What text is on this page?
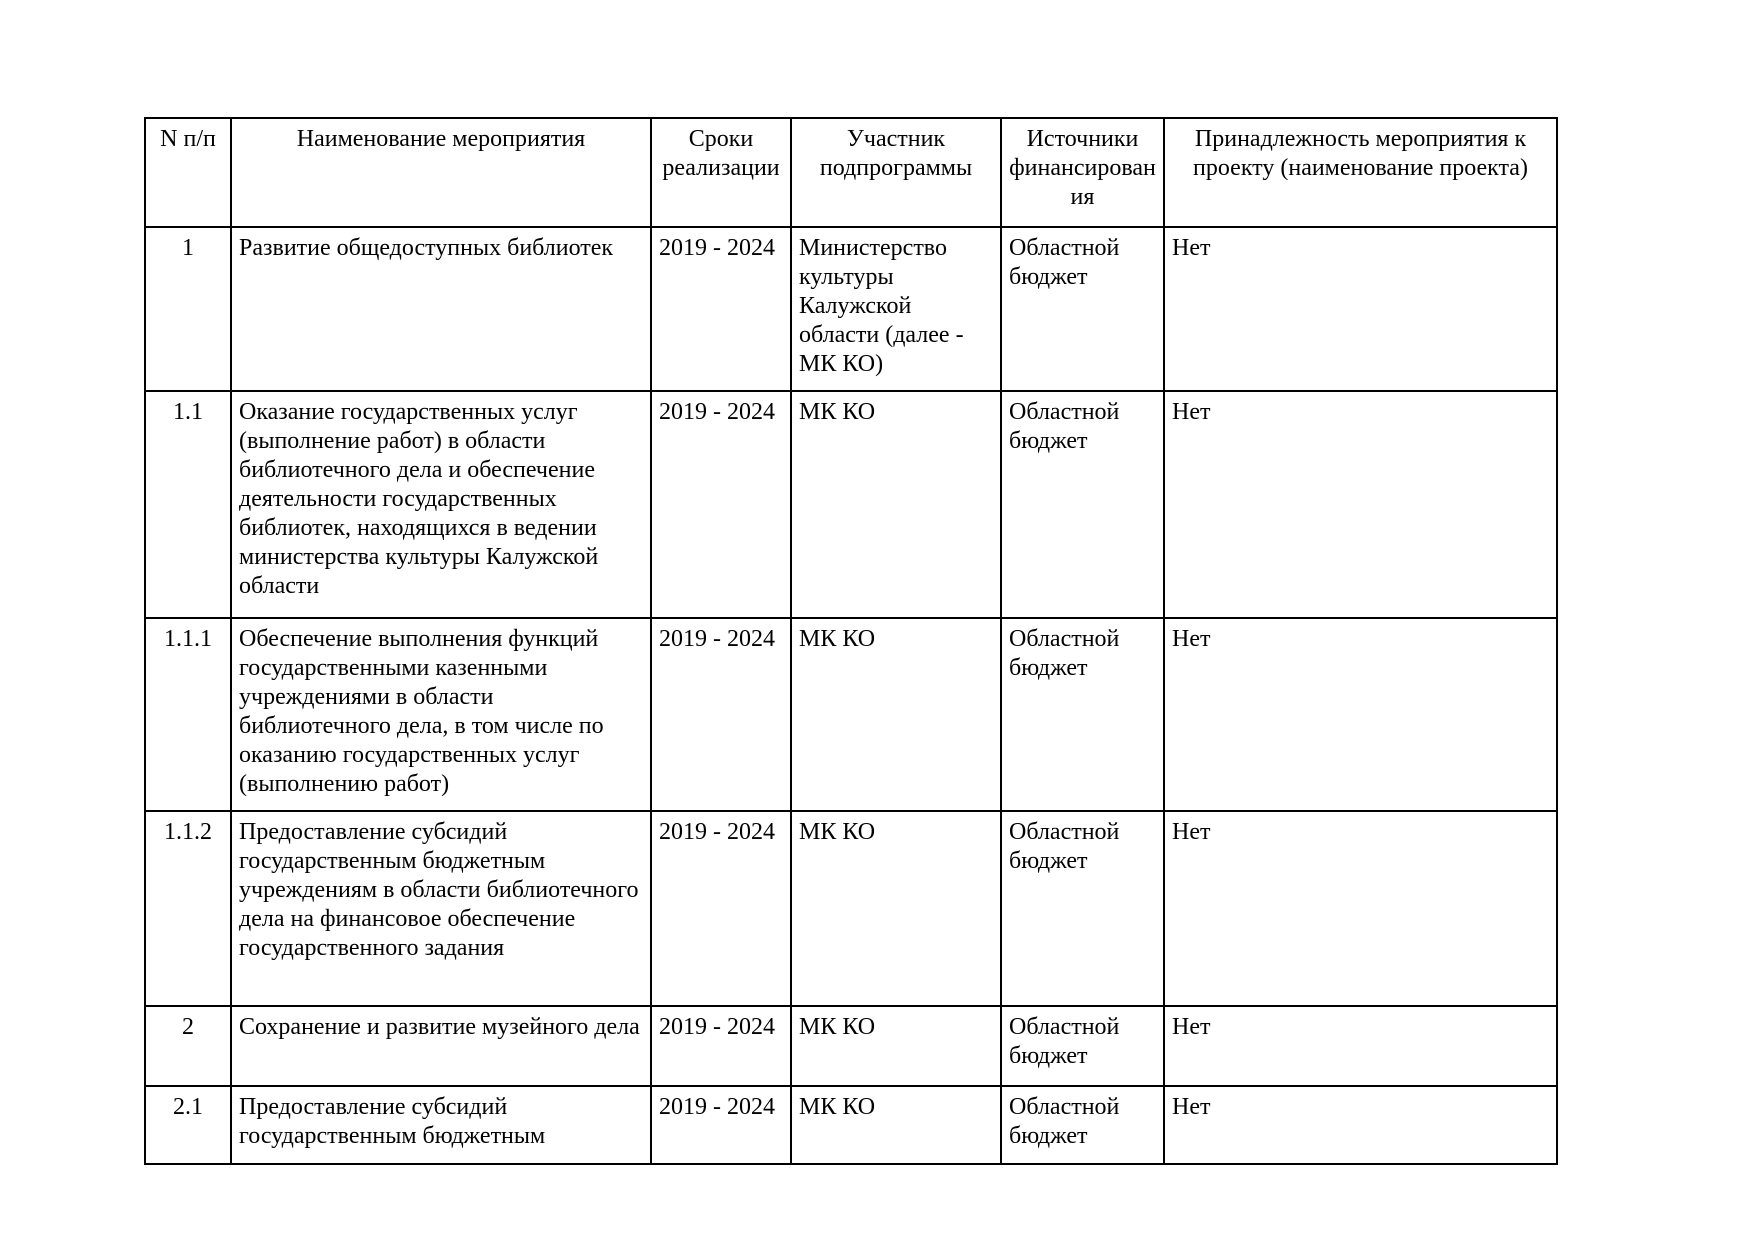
N п/п	Наименование мероприятия	Сроки реализации	Участник подпрограммы	Источники финансирования	Принадлежность мероприятия к проекту (наименование проекта)
1	Развитие общедоступных библиотек	2019 - 2024	Министерство культуры Калужской области (далее - МК КО)	Областной бюджет	Нет
1.1	Оказание государственных услуг (выполнение работ) в области библиотечного дела и обеспечение деятельности государственных библиотек, находящихся в ведении министерства культуры Калужской области	2019 - 2024	МК КО	Областной бюджет	Нет
1.1.1	Обеспечение выполнения функций государственными казенными учреждениями в области библиотечного дела, в том числе по оказанию государственных услуг (выполнению работ)	2019 - 2024	МК КО	Областной бюджет	Нет
1.1.2	Предоставление субсидий государственным бюджетным учреждениям в области библиотечного дела на финансовое обеспечение государственного задания	2019 - 2024	МК КО	Областной бюджет	Нет
2	Сохранение и развитие музейного дела	2019 - 2024	МК КО	Областной бюджет	Нет
2.1	Предоставление субсидий государственным бюджетным	2019 - 2024	МК КО	Областной бюджет	Нет
